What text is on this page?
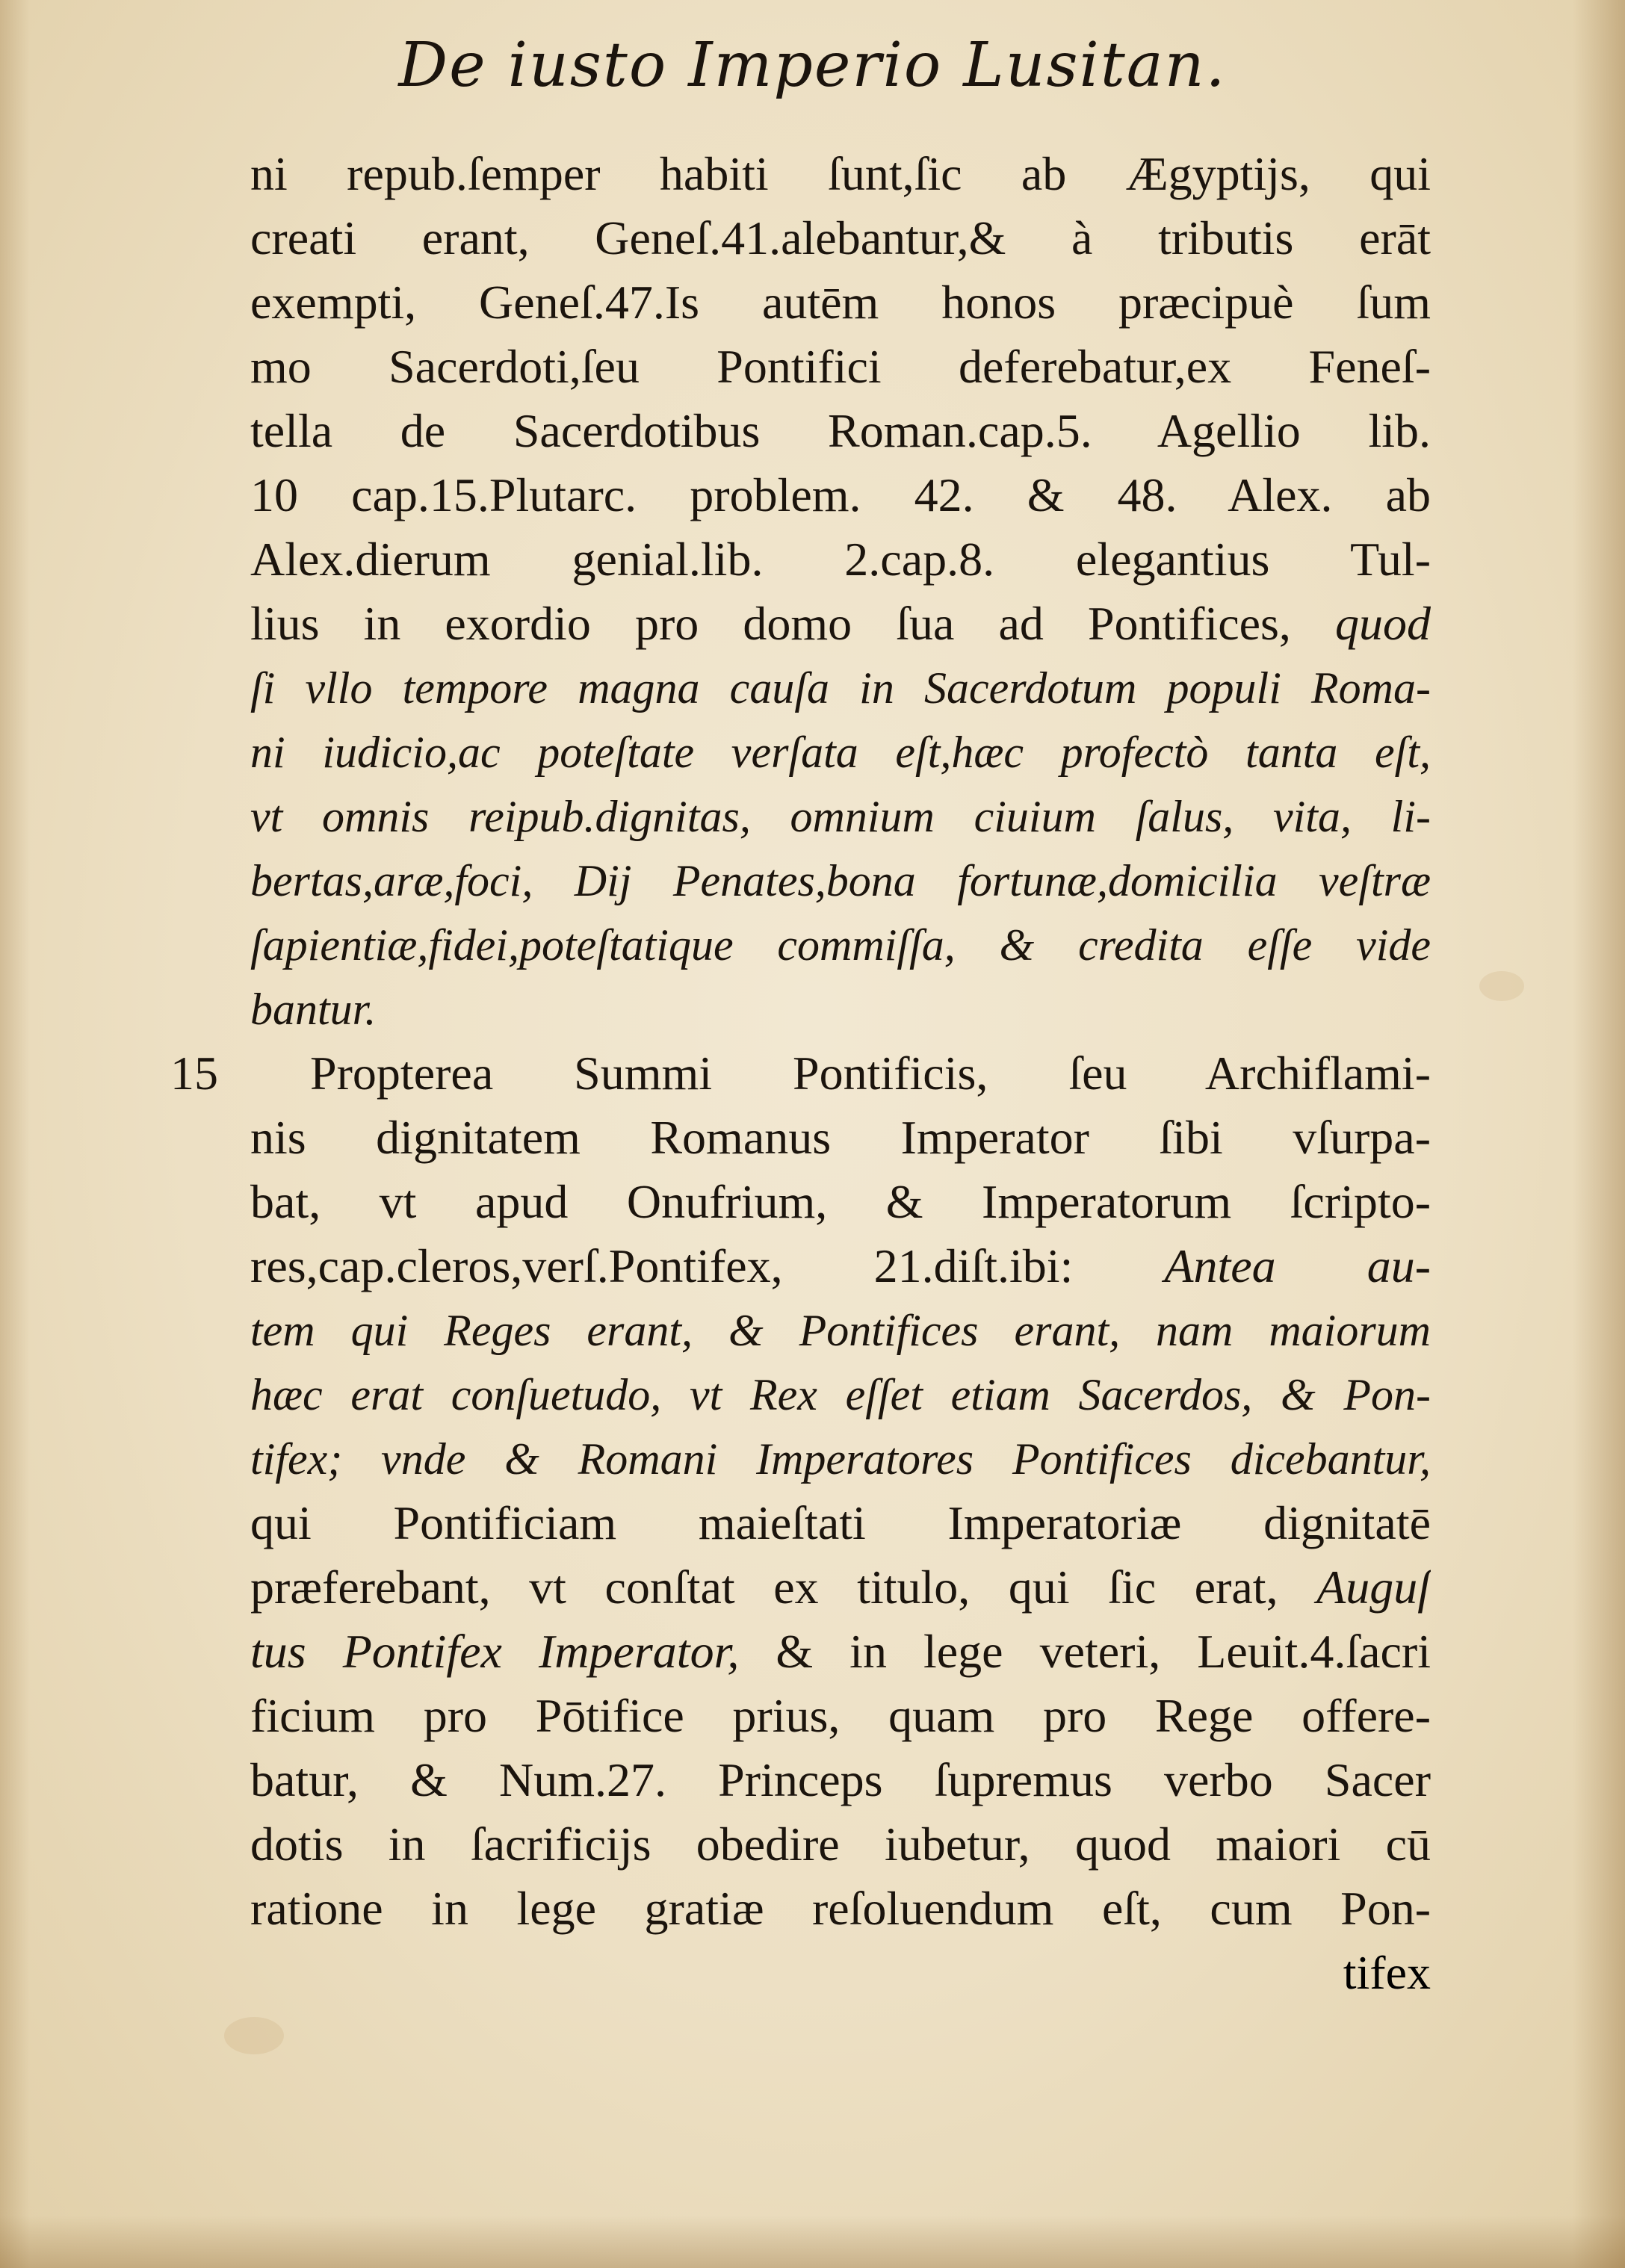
De iusto Imperio Lusitan.
15
ni repub.ſemper habiti ſunt,ſic ab Ægyptijs, qui
creati erant, Geneſ.41.alebantur,& à tributis erāt
exempti, Geneſ.47.Is autēm honos præcipuè ſum
mo Sacerdoti,ſeu Pontifici deferebatur,ex Feneſ-
tella de Sacerdotibus Roman.cap.5. Agellio lib.
10 cap.15.Plutarc. problem. 42. & 48. Alex. ab
Alex.dierum genial.lib. 2.cap.8. elegantius Tul-
lius in exordio pro domo ſua ad Pontifices, quod
ſi vllo tempore magna cauſa in Sacerdotum populi Roma-
ni iudicio,ac poteſtate verſata eſt,hæc profectò tanta eſt,
vt omnis reipub.dignitas, omnium ciuium ſalus, vita, li-
bertas,aræ,foci, Dij Penates,bona fortunæ,domicilia veſtræ
ſapientiæ,fidei,poteſtatique commiſſa, & credita eſſe vide
bantur.
Propterea Summi Pontificis, ſeu Archiflami-
nis dignitatem Romanus Imperator ſibi vſurpa-
bat, vt apud Onufrium, & Imperatorum ſcripto-
res,cap.cleros,verſ.Pontifex, 21.diſt.ibi: Antea au-
tem qui Reges erant, & Pontifices erant, nam maiorum
hæc erat conſuetudo, vt Rex eſſet etiam Sacerdos, & Pon-
tifex; vnde & Romani Imperatores Pontifices dicebantur,
qui Pontificiam maieſtati Imperatoriæ dignitatē
præferebant, vt conſtat ex titulo, qui ſic erat, Auguſ
tus Pontifex Imperator, & in lege veteri, Leuit.4.ſacri
ficium pro Pōtifice prius, quam pro Rege offere-
batur, & Num.27. Princeps ſupremus verbo Sacer
dotis in ſacrificijs obedire iubetur, quod maiori cū
ratione in lege gratiæ reſoluendum eſt, cum Pon-
tifex
